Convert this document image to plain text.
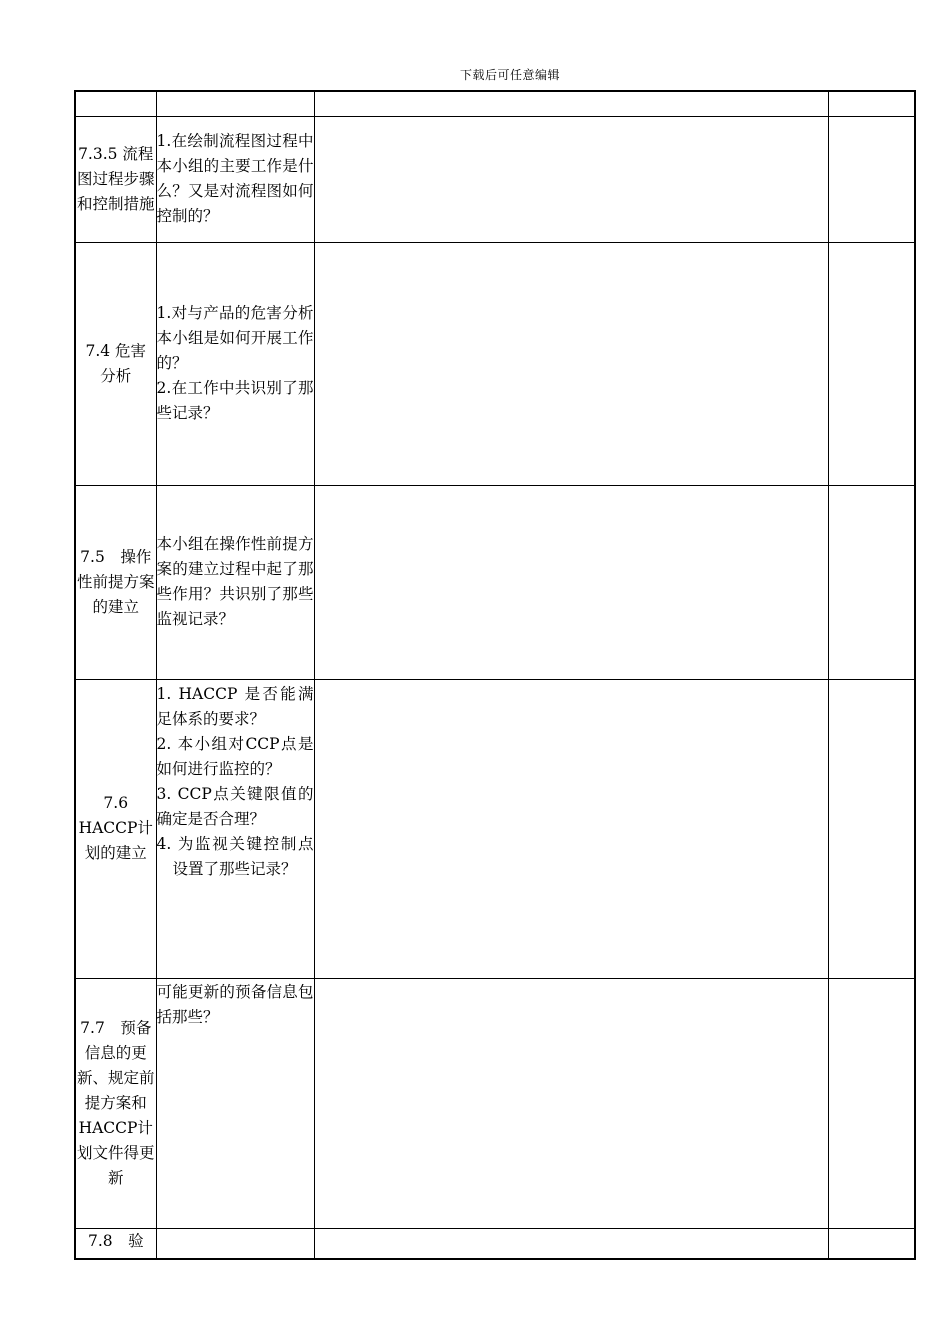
下载后可任意编辑

7.3.5 流程图过程步骤和控制措施	1.在绘制流程图过程中本小组的主要工作是什么？又是对流程图如何控制的？		

7.4 危害 分析	1.对与产品的危害分析本小组是如何开展工作的？

2.在工作中共识别了那些记录？		

7.5　操作性前提方案的建立	本小组在操作性前提方案的建立过程中起了那些作用？共识别了那些监视记录？		

7.6 HACCP计划的建立	1. HACCP 是否能满足体系的要求？

2. 本小组对CCP点是如何进行监控的？

3. CCP点关键限值的确定是否合理？

4. 为监视关键控制点设置了那些记录？		

7.7　预备信息的更新、规定前提方案和HACCP计划文件得更新	可能更新的预备信息包括那些？		

7.8　验			
